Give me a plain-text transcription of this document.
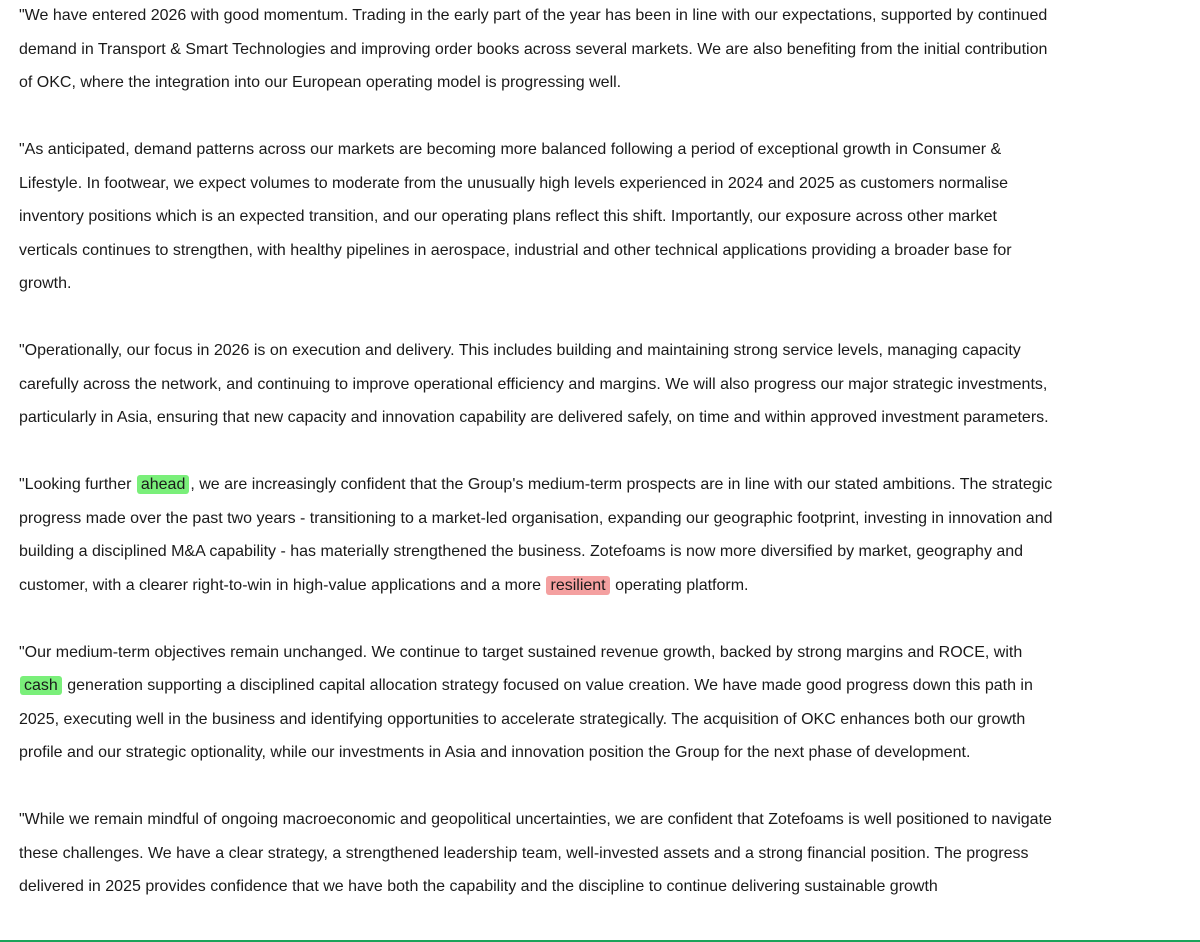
"We have entered 2026 with good momentum. Trading in the early part of the year has been in line with our expectations, supported by continued demand in Transport & Smart Technologies and improving order books across several markets. We are also benefiting from the initial contribution of OKC, where the integration into our European operating model is progressing well.

"As anticipated, demand patterns across our markets are becoming more balanced following a period of exceptional growth in Consumer & Lifestyle. In footwear, we expect volumes to moderate from the unusually high levels experienced in 2024 and 2025 as customers normalise inventory positions which is an expected transition, and our operating plans reflect this shift. Importantly, our exposure across other market verticals continues to strengthen, with healthy pipelines in aerospace, industrial and other technical applications providing a broader base for growth.

"Operationally, our focus in 2026 is on execution and delivery. This includes building and maintaining strong service levels, managing capacity carefully across the network, and continuing to improve operational efficiency and margins. We will also progress our major strategic investments, particularly in Asia, ensuring that new capacity and innovation capability are delivered safely, on time and within approved investment parameters.

"Looking further ahead , we are increasingly confident that the Group's medium-term prospects are in line with our stated ambitions. The strategic progress made over the past two years - transitioning to a market-led organisation, expanding our geographic footprint, investing in innovation and building a disciplined M&A capability - has materially strengthened the business. Zotefoams is now more diversified by market, geography and customer, with a clearer right-to-win in high-value applications and a more resilient operating platform.

"Our medium-term objectives remain unchanged. We continue to target sustained revenue growth, backed by strong margins and ROCE, with cash generation supporting a disciplined capital allocation strategy focused on value creation. We have made good progress down this path in 2025, executing well in the business and identifying opportunities to accelerate strategically. The acquisition of OKC enhances both our growth profile and our strategic optionality, while our investments in Asia and innovation position the Group for the next phase of development.

"While we remain mindful of ongoing macroeconomic and geopolitical uncertainties, we are confident that Zotefoams is well positioned to navigate these challenges. We have a clear strategy, a strengthened leadership team, well-invested assets and a strong financial position. The progress delivered in 2025 provides confidence that we have both the capability and the discipline to continue delivering sustainable growth
